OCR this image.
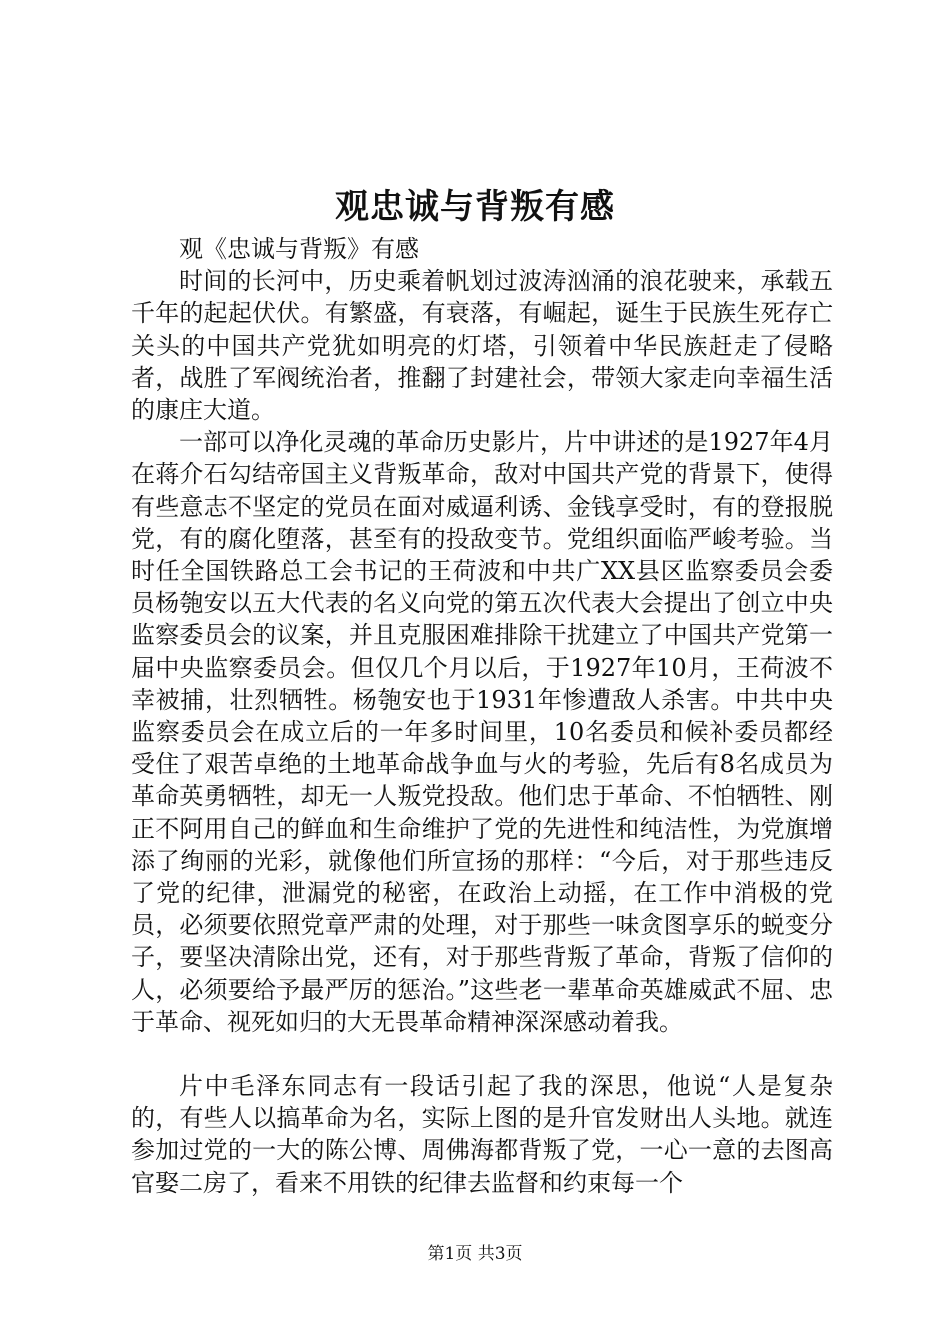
观忠诚与背叛有感

观《忠诚与背叛》有感

时间的长河中，历史乘着帆划过波涛汹涌的浪花驶来，承载五千年的起起伏伏。有繁盛，有衰落，有崛起，诞生于民族生死存亡关头的中国共产党犹如明亮的灯塔，引领着中华民族赶走了侵略者，战胜了军阀统治者，推翻了封建社会，带领大家走向幸福生活的康庄大道。

一部可以净化灵魂的革命历史影片，片中讲述的是1927年4月在蒋介石勾结帝国主义背叛革命，敌对中国共产党的背景下，使得有些意志不坚定的党员在面对威逼利诱、金钱享受时，有的登报脱党，有的腐化堕落，甚至有的投敌变节。党组织面临严峻考验。当时任全国铁路总工会书记的王荷波和中共广XX县区监察委员会委员杨匏安以五大代表的名义向党的第五次代表大会提出了创立中央监察委员会的议案，并且克服困难排除干扰建立了中国共产党第一届中央监察委员会。但仅几个月以后，于1927年10月，王荷波不幸被捕，壮烈牺牲。杨匏安也于1931年惨遭敌人杀害。中共中央监察委员会在成立后的一年多时间里，10名委员和候补委员都经受住了艰苦卓绝的土地革命战争血与火的考验，先后有8名成员为革命英勇牺牲，却无一人叛党投敌。他们忠于革命、不怕牺牲、刚正不阿用自己的鲜血和生命维护了党的先进性和纯洁性，为党旗增添了绚丽的光彩，就像他们所宣扬的那样：“今后，对于那些违反了党的纪律，泄漏党的秘密，在政治上动摇，在工作中消极的党员，必须要依照党章严肃的处理，对于那些一味贪图享乐的蜕变分子，要坚决清除出党，还有，对于那些背叛了革命，背叛了信仰的人，必须要给予最严厉的惩治。”这些老一辈革命英雄威武不屈、忠于革命、视死如归的大无畏革命精神深深感动着我。

片中毛泽东同志有一段话引起了我的深思，他说“人是复杂的，有些人以搞革命为名，实际上图的是升官发财出人头地。就连参加过党的一大的陈公博、周佛海都背叛了党，一心一意的去图高官娶二房了，看来不用铁的纪律去监督和约束每一个

第1页 共3页
